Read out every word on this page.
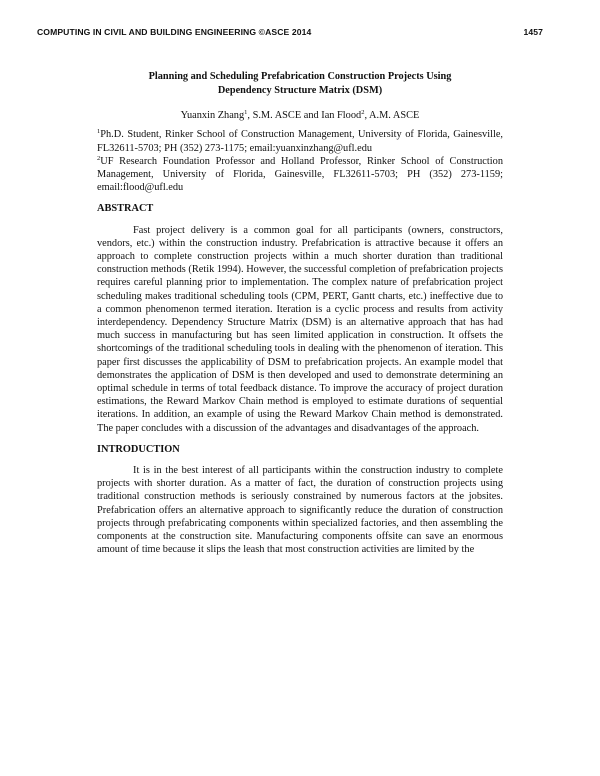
COMPUTING IN CIVIL AND BUILDING ENGINEERING ©ASCE 2014	1457

Planning and Scheduling Prefabrication Construction Projects Using
Dependency Structure Matrix (DSM)

Yuanxin Zhang$^1$, S.M. ASCE and Ian Flood$^2$, A.M. ASCE
$^1$Ph.D. Student, Rinker School of Construction Management, University of Florida, Gainesville, FL32611-5703; PH (352) 273-1175; email:yuanxinzhang@ufl.edu
$^2$UF Research Foundation Professor and Holland Professor, Rinker School of Construction Management, University of Florida, Gainesville, FL32611-5703; PH (352) 273-1159; email:flood@ufl.edu
ABSTRACT

Fast project delivery is a common goal for all participants (owners, constructors, vendors, etc.) within the construction industry. Prefabrication is attractive because it offers an approach to complete construction projects within a much shorter duration than traditional construction methods (Retik 1994). However, the successful completion of prefabrication projects requires careful planning prior to implementation. The complex nature of prefabrication project scheduling makes traditional scheduling tools (CPM, PERT, Gantt charts, etc.) ineffective due to a common phenomenon termed iteration. Iteration is a cyclic process and results from activity interdependency. Dependency Structure Matrix (DSM) is an alternative approach that has had much success in manufacturing but has seen limited application in construction. It offsets the shortcomings of the traditional scheduling tools in dealing with the phenomenon of iteration. This paper first discusses the applicability of DSM to prefabrication projects. An example model that demonstrates the application of DSM is then developed and used to demonstrate determining an optimal schedule in terms of total feedback distance. To improve the accuracy of project duration estimations, the Reward Markov Chain method is employed to estimate durations of sequential iterations. In addition, an example of using the Reward Markov Chain method is demonstrated. The paper concludes with a discussion of the advantages and disadvantages of the approach.

INTRODUCTION

It is in the best interest of all participants within the construction industry to complete projects with shorter duration. As a matter of fact, the duration of construction projects using traditional construction methods is seriously constrained by numerous factors at the jobsites. Prefabrication offers an alternative approach to significantly reduce the duration of construction projects through prefabricating components within specialized factories, and then assembling the components at the construction site. Manufacturing components offsite can save an enormous amount of time because it slips the leash that most construction activities are limited by the
